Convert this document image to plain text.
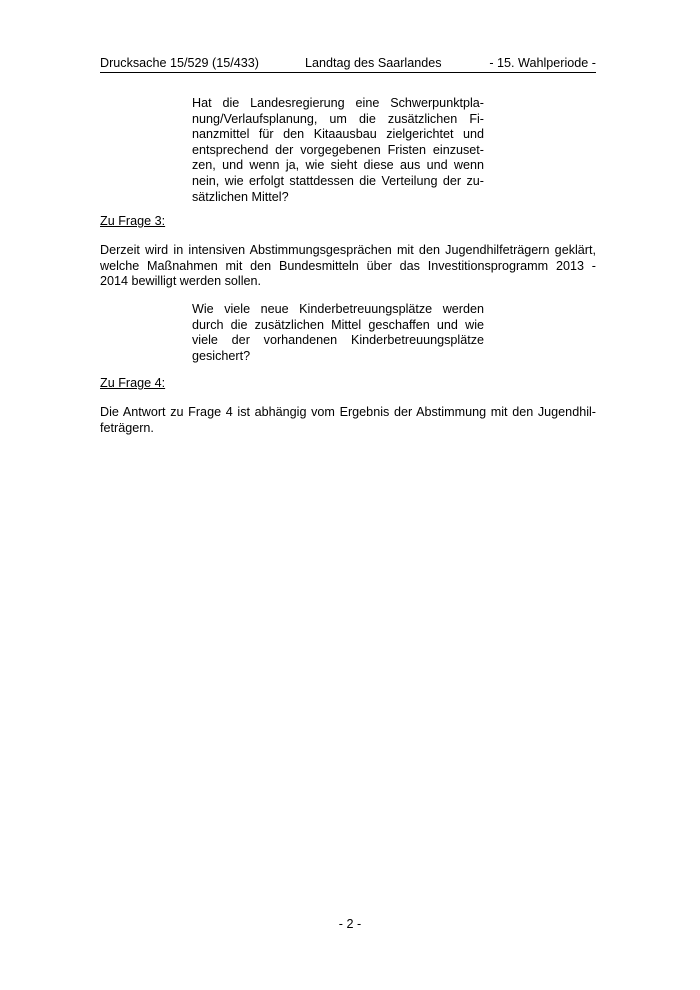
Drucksache 15/529 (15/433)	Landtag des Saarlandes	- 15. Wahlperiode -
Hat die Landesregierung eine Schwerpunktpla-
nung/Verlaufsplanung, um die zusätzlichen Fi-
nanzmittel für den Kitaausbau zielgerichtet und
entsprechend der vorgegebenen Fristen einzuset-
zen, und wenn ja, wie sieht diese aus und wenn
nein, wie erfolgt stattdessen die Verteilung der zu-
sätzlichen Mittel?
Zu Frage 3:
Derzeit wird in intensiven Abstimmungsgesprächen mit den Jugendhilfeträgern geklärt,
welche Maßnahmen mit den Bundesmitteln über das Investitionsprogramm 2013 -
2014 bewilligt werden sollen.
Wie viele neue Kinderbetreuungsplätze werden
durch die zusätzlichen Mittel geschaffen und wie
viele der vorhandenen Kinderbetreuungsplätze
gesichert?
Zu Frage 4:
Die Antwort zu Frage 4 ist abhängig vom Ergebnis der Abstimmung mit den Jugendhil-
feträgern.
- 2 -
